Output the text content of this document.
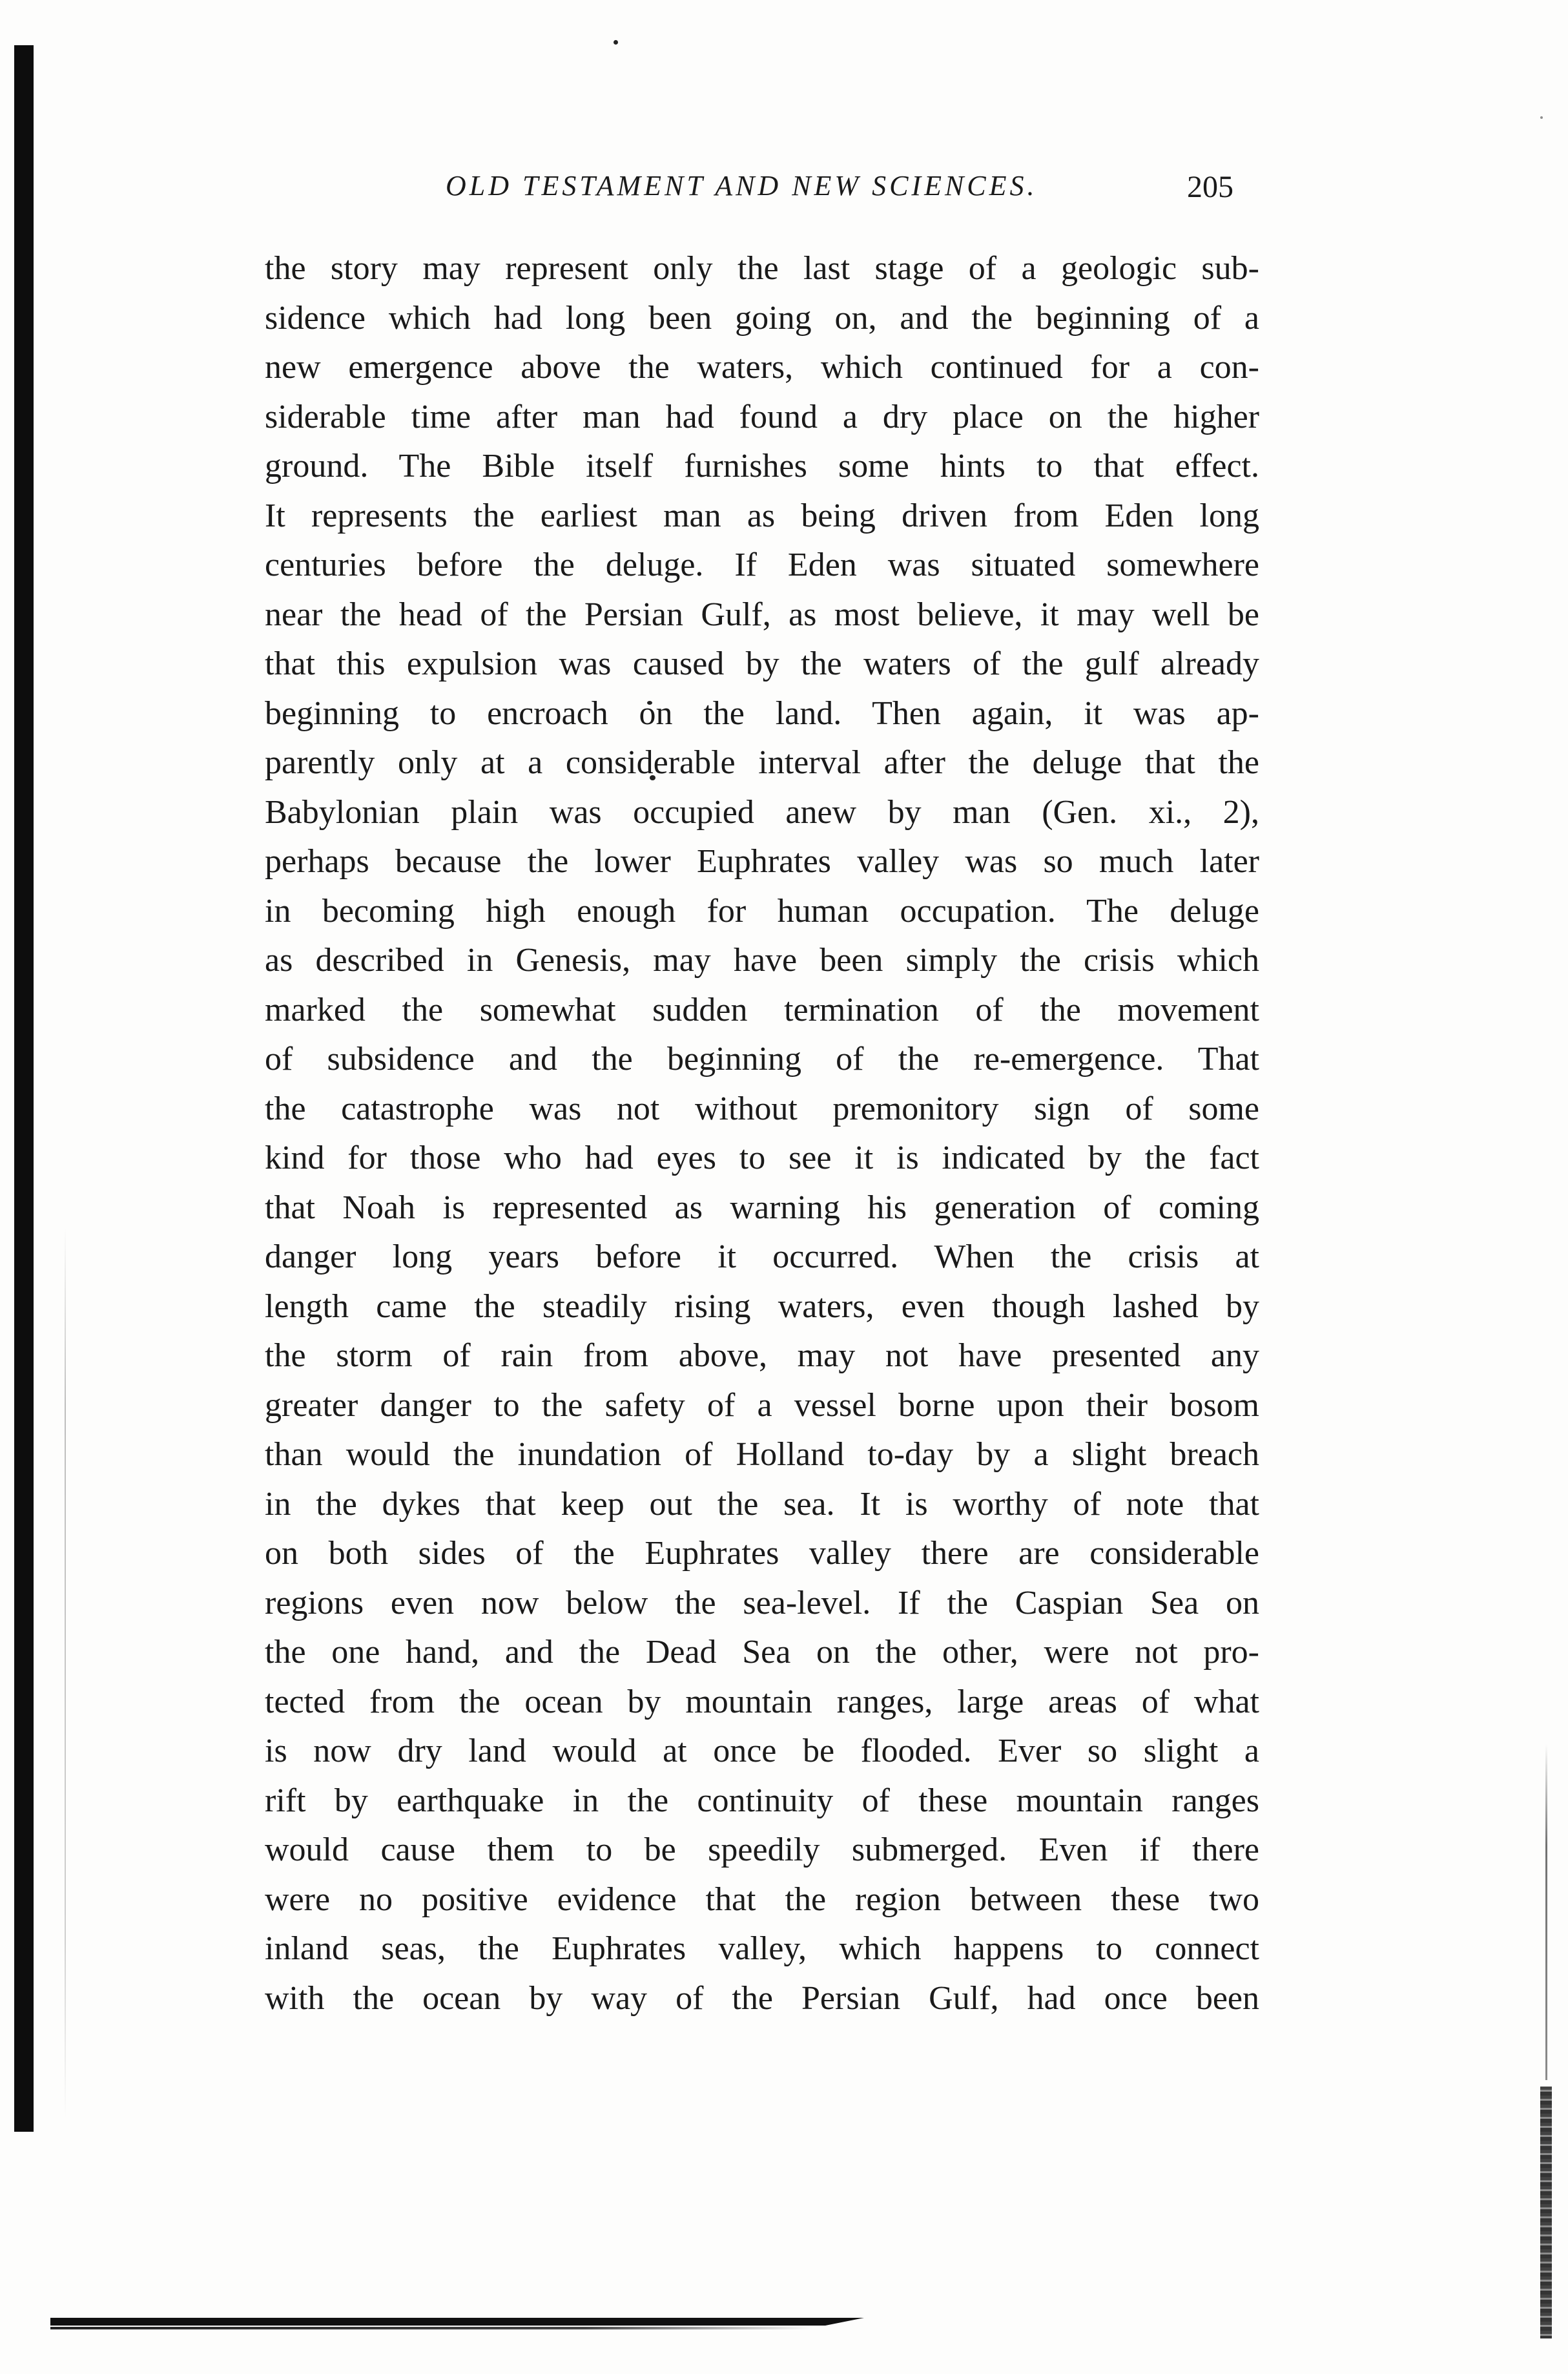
OLD TESTAMENT AND NEW SCIENCES.	205
the story may represent only the last stage of a geologic sub-
sidence which had long been going on, and the beginning of a
new emergence above the waters, which continued for a con-
siderable time after man had found a dry place on the higher
ground. The Bible itself furnishes some hints to that effect.
It represents the earliest man as being driven from Eden long
centuries before the deluge. If Eden was situated somewhere
near the head of the Persian Gulf, as most believe, it may well be
that this expulsion was caused by the waters of the gulf already
beginning to encroach on the land. Then again, it was ap-
parently only at a considerable interval after the deluge that the
Babylonian plain was occupied anew by man (Gen. xi., 2),
perhaps because the lower Euphrates valley was so much later
in becoming high enough for human occupation. The deluge
as described in Genesis, may have been simply the crisis which
marked the somewhat sudden termination of the movement
of subsidence and the beginning of the re-emergence. That
the catastrophe was not without premonitory sign of some
kind for those who had eyes to see it is indicated by the fact
that Noah is represented as warning his generation of coming
danger long years before it occurred. When the crisis at
length came the steadily rising waters, even though lashed by
the storm of rain from above, may not have presented any
greater danger to the safety of a vessel borne upon their bosom
than would the inundation of Holland to-day by a slight breach
in the dykes that keep out the sea. It is worthy of note that
on both sides of the Euphrates valley there are considerable
regions even now below the sea-level. If the Caspian Sea on
the one hand, and the Dead Sea on the other, were not pro-
tected from the ocean by mountain ranges, large areas of what
is now dry land would at once be flooded. Ever so slight a
rift by earthquake in the continuity of these mountain ranges
would cause them to be speedily submerged. Even if there
were no positive evidence that the region between these two
inland seas, the Euphrates valley, which happens to connect
with the ocean by way of the Persian Gulf, had once been
